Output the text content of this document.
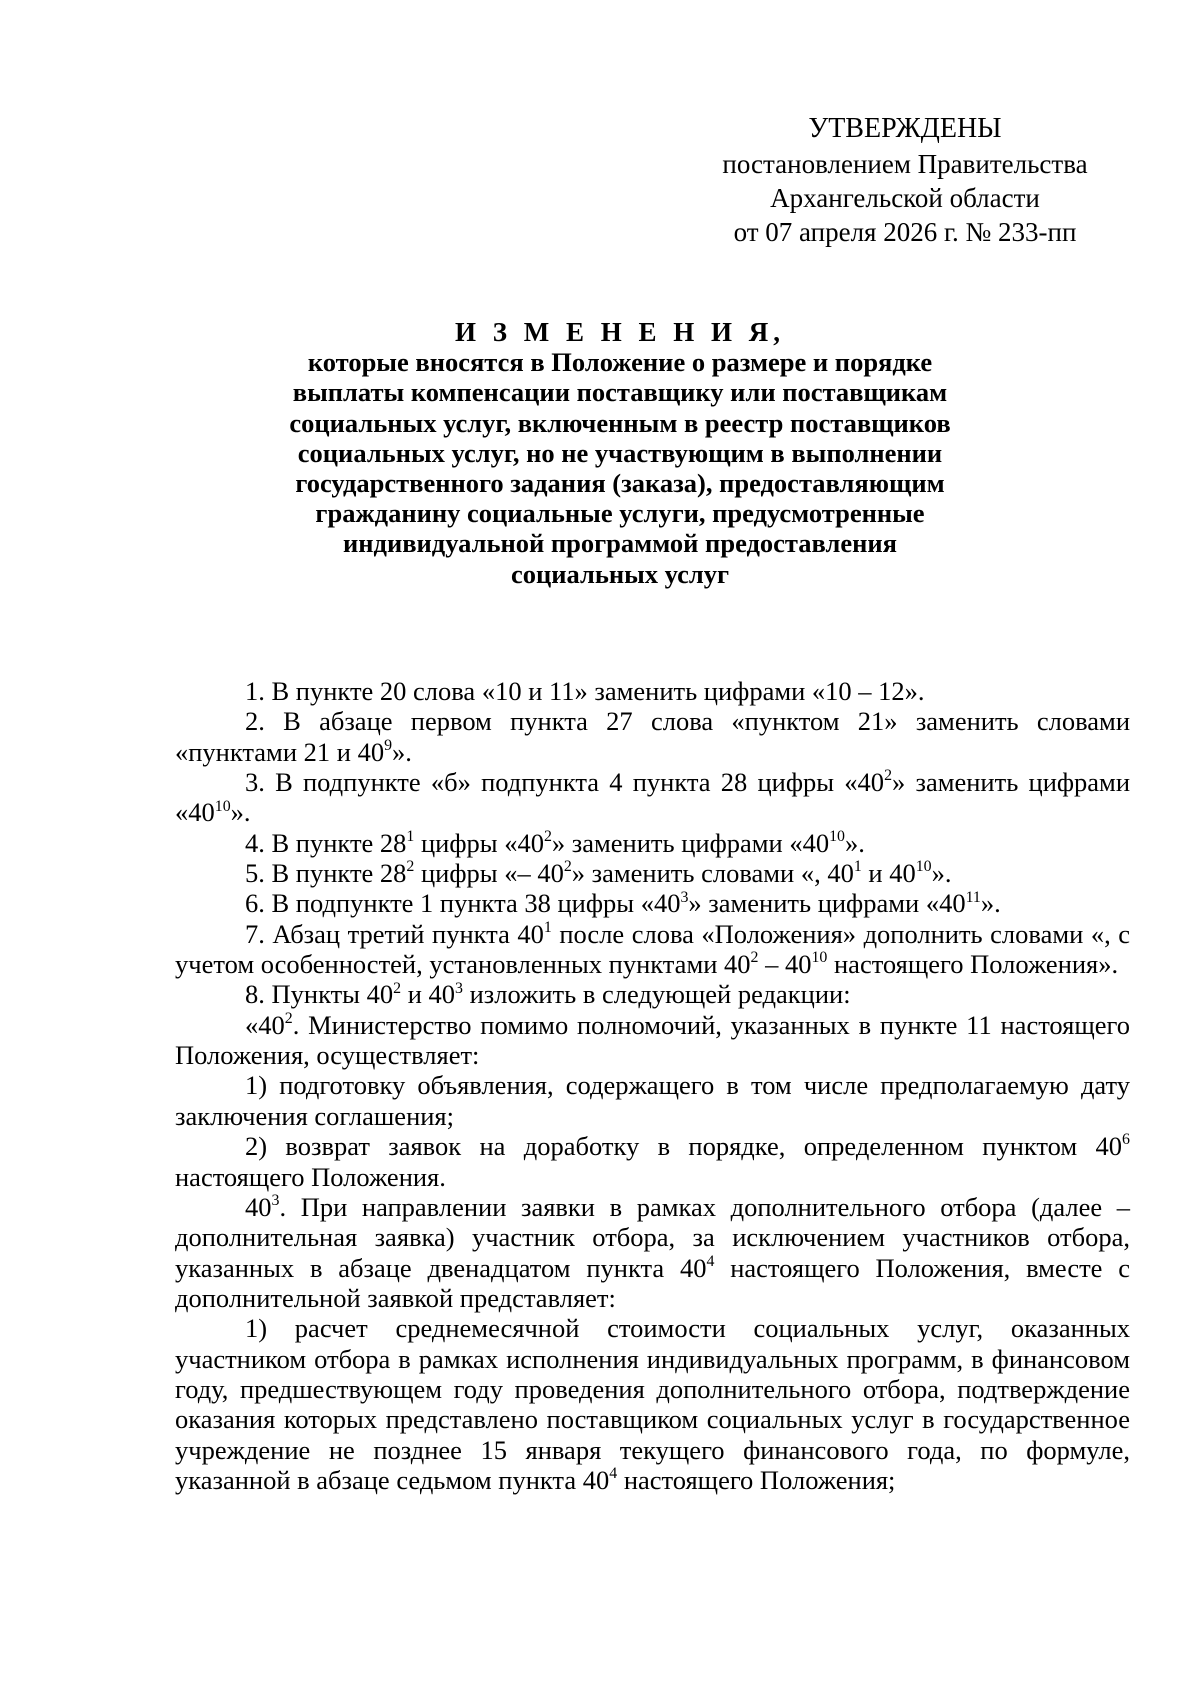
УТВЕРЖДЕНЫ
постановлением Правительства
Архангельской области
от 07 апреля 2026 г. № 233-пп
И З М Е Н Е Н И Я,
которые вносятся в Положение о размере и порядке
выплаты компенсации поставщику или поставщикам
социальных услуг, включенным в реестр поставщиков
социальных услуг, но не участвующим в выполнении
государственного задания (заказа), предоставляющим
гражданину социальные услуги, предусмотренные
индивидуальной программой предоставления
социальных услуг

1. В пункте 20 слова «10 и 11» заменить цифрами «10 – 12».

2. В абзаце первом пункта 27 слова «пунктом 21» заменить словами «пунктами 21 и $40^9$».

3. В подпункте «б» подпункта 4 пункта 28 цифры «$40^2$» заменить цифрами «$40^{10}$».

4. В пункте $28^1$ цифры «$40^2$» заменить цифрами «$40^{10}$».

5. В пункте $28^2$ цифры «– $40^2$» заменить словами «, $40^1$ и $40^{10}$».

6. В подпункте 1 пункта 38 цифры «$40^3$» заменить цифрами «$40^{11}$».

7. Абзац третий пункта $40^1$ после слова «Положения» дополнить словами «, с учетом особенностей, установленных пунктами $40^2 - 40^{10}$ настоящего Положения».

8. Пункты $40^2$ и $40^3$ изложить в следующей редакции:

«$40^2$. Министерство помимо полномочий, указанных в пункте 11 настоящего Положения, осуществляет:

1) подготовку объявления, содержащего в том числе предполагаемую дату заключения соглашения;

2) возврат заявок на доработку в порядке, определенном пунктом $40^6$ настоящего Положения.

$40^3$. При направлении заявки в рамках дополнительного отбора (далее – дополнительная заявка) участник отбора, за исключением участников отбора, указанных в абзаце двенадцатом пункта $40^4$ настоящего Положения, вместе с дополнительной заявкой представляет:

1) расчет среднемесячной стоимости социальных услуг, оказанных участником отбора в рамках исполнения индивидуальных программ, в финансовом году, предшествующем году проведения дополнительного отбора, подтверждение оказания которых представлено поставщиком социальных услуг в государственное учреждение не позднее 15 января текущего финансового года, по формуле, указанной в абзаце седьмом пункта $40^4$ настоящего Положения;
